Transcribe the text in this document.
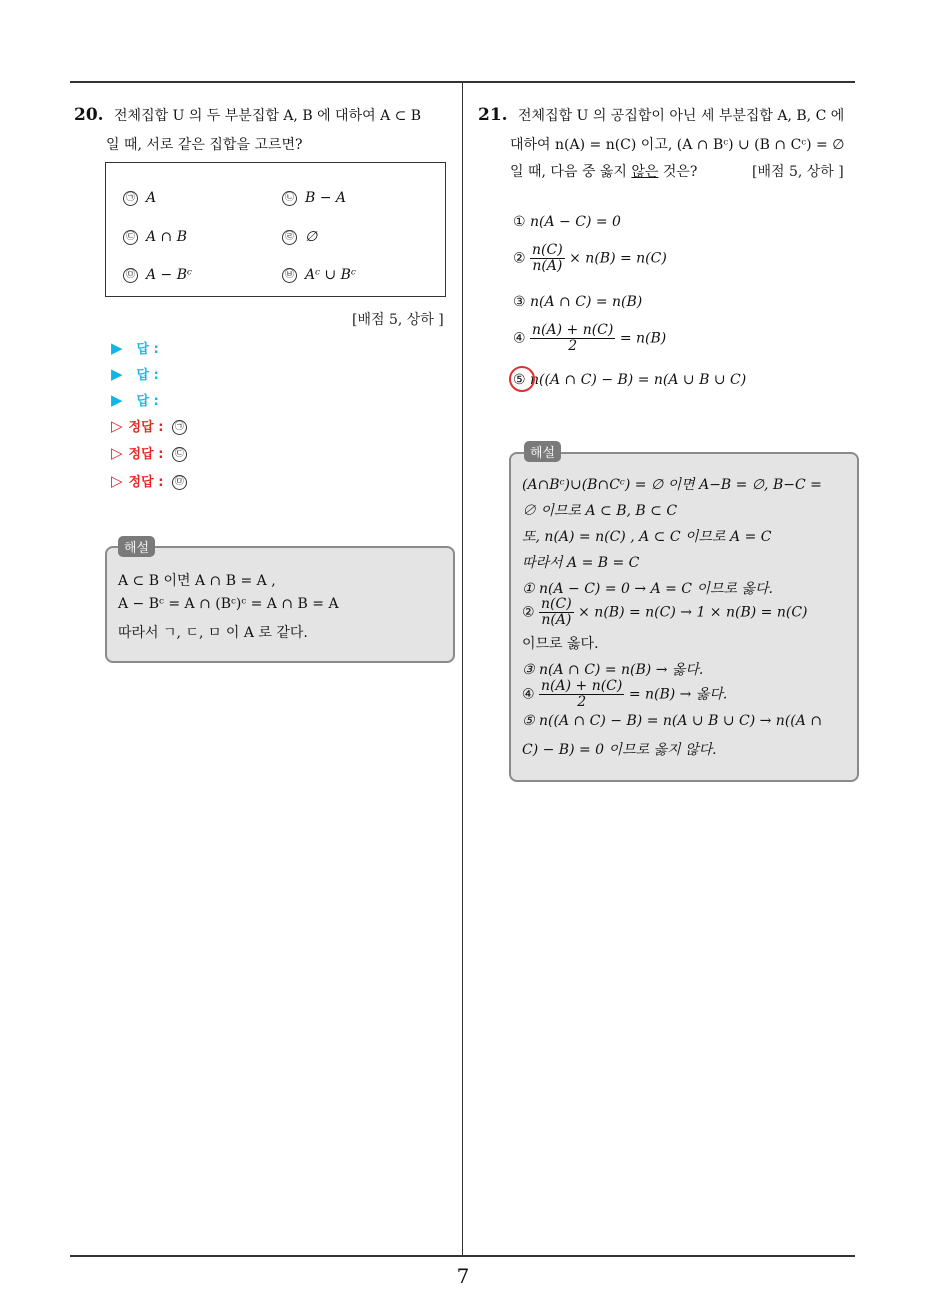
20. 전체집합 U 의 두 부분집합 A, B 에 대하여 A ⊂ B
일 때, 서로 같은 집합을 고르면?
㉠ A	㉡ B − A
㉢ A ∩ B	㉣ ∅
㉤ A − Bᶜ	㉥ Aᶜ ∪ Bᶜ
[배점 5, 상하 ]
▶ 답 :
▶ 답 :
▶ 답 :
▷ 정답 : ㉠
▷ 정답 : ㉢
▷ 정답 : ㉤
해설
A ⊂ B 이면 A ∩ B = A ,
A − Bᶜ = A ∩ (Bᶜ)ᶜ = A ∩ B = A
따라서 ㄱ, ㄷ, ㅁ 이 A 로 같다.
21. 전체집합 U 의 공집합이 아닌 세 부분집합 A, B, C 에
대하여 n(A) = n(C) 이고, (A ∩ Bᶜ) ∪ (B ∩ Cᶜ) = ∅
일 때, 다음 중 옳지 않은 것은?	[배점 5, 상하 ]
① n(A − C) = 0
② $\frac{n(C)}{n(A)} \times n(B) = n(C)$
③ n(A ∩ C) = n(B)
④ $\frac{n(A) + n(C)}{2} = n(B)$
⑤ n((A ∩ C) − B) = n(A ∪ B ∪ C)
해설
(A∩Bᶜ)∪(B∩Cᶜ) = ∅ 이면 A−B = ∅, B−C =
∅ 이므로 A ⊂ B, B ⊂ C
또, n(A) = n(C) , A ⊂ C 이므로 A = C
따라서 A = B = C
① n(A − C) = 0 → A = C 이므로 옳다.
② $\frac{n(C)}{n(A)} \times n(B) = n(C) \to 1 \times n(B) = n(C)$
이므로 옳다.
③ n(A ∩ C) = n(B) → 옳다.
④ $\frac{n(A) + n(C)}{2} = n(B)$ → 옳다.
⑤ n((A ∩ C) − B) = n(A ∪ B ∪ C) → n((A ∩
C) − B) = 0 이므로 옳지 않다.
7
